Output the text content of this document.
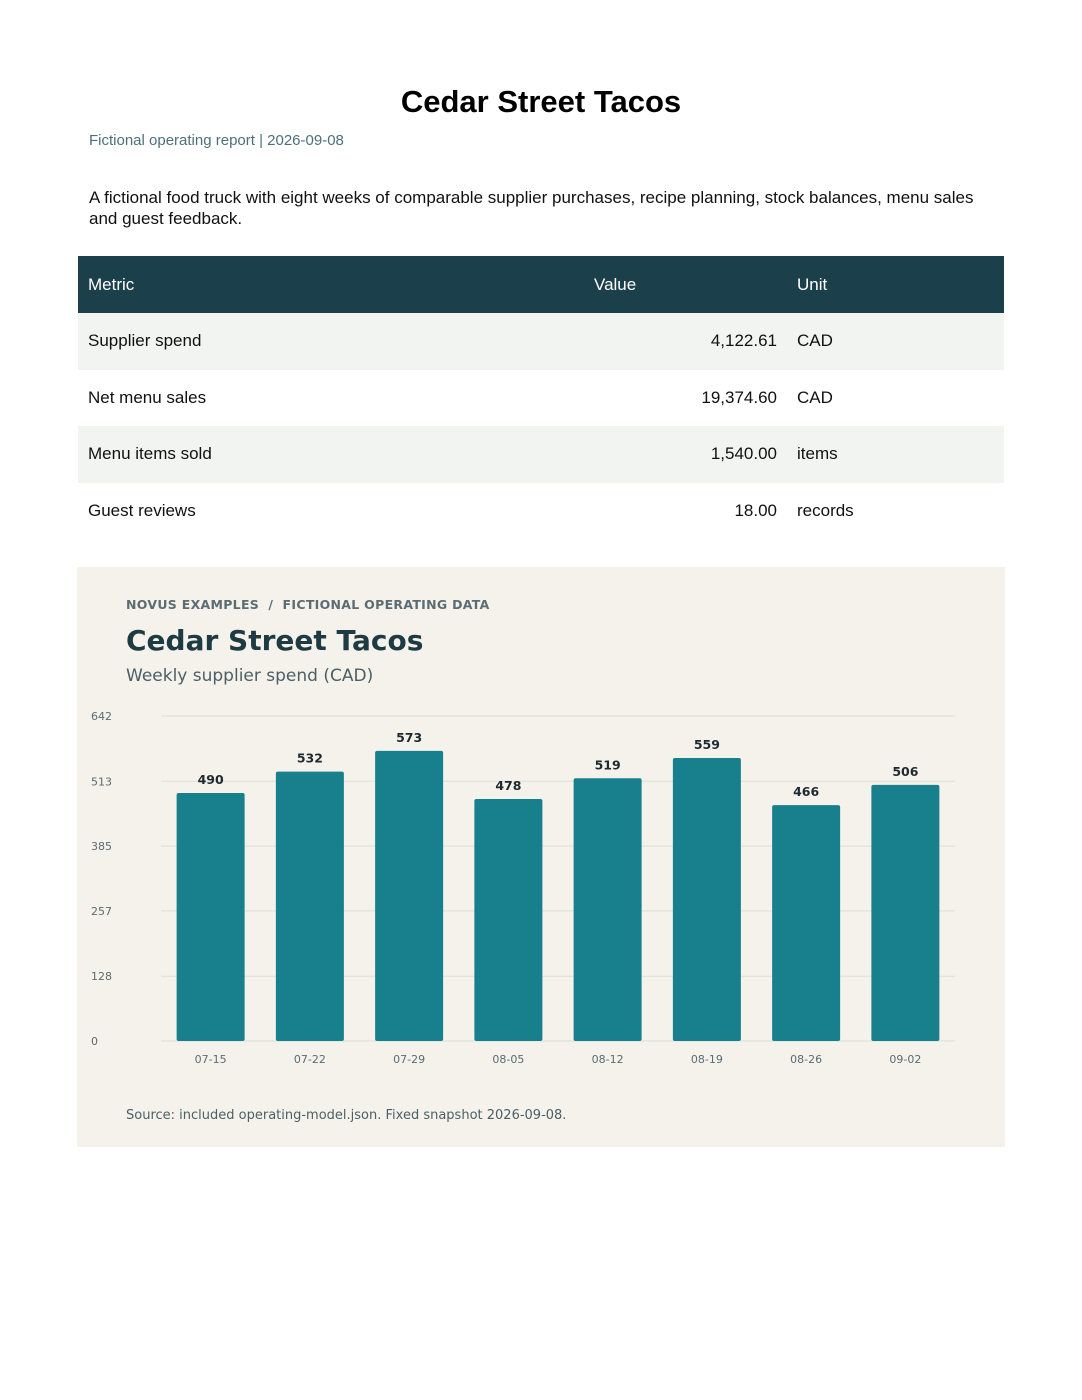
Cedar Street Tacos
Fictional operating report | 2026-09-08
A fictional food truck with eight weeks of comparable supplier purchases, recipe planning, stock balances, menu sales and guest feedback.
Metric	Value	Unit
Supplier spend	4,122.61	CAD
Net menu sales	19,374.60	CAD
Menu items sold	1,540.00	items
Guest reviews	18.00	records
NOVUS EXAMPLES  /  FICTIONAL OPERATING DATA
Cedar Street Tacos
Weekly supplier spend (CAD)
0
128
257
385
513
642
490
07-15
532
07-22
573
07-29
478
08-05
519
08-12
559
08-19
466
08-26
506
09-02
Source: included operating-model.json. Fixed snapshot 2026-09-08.
